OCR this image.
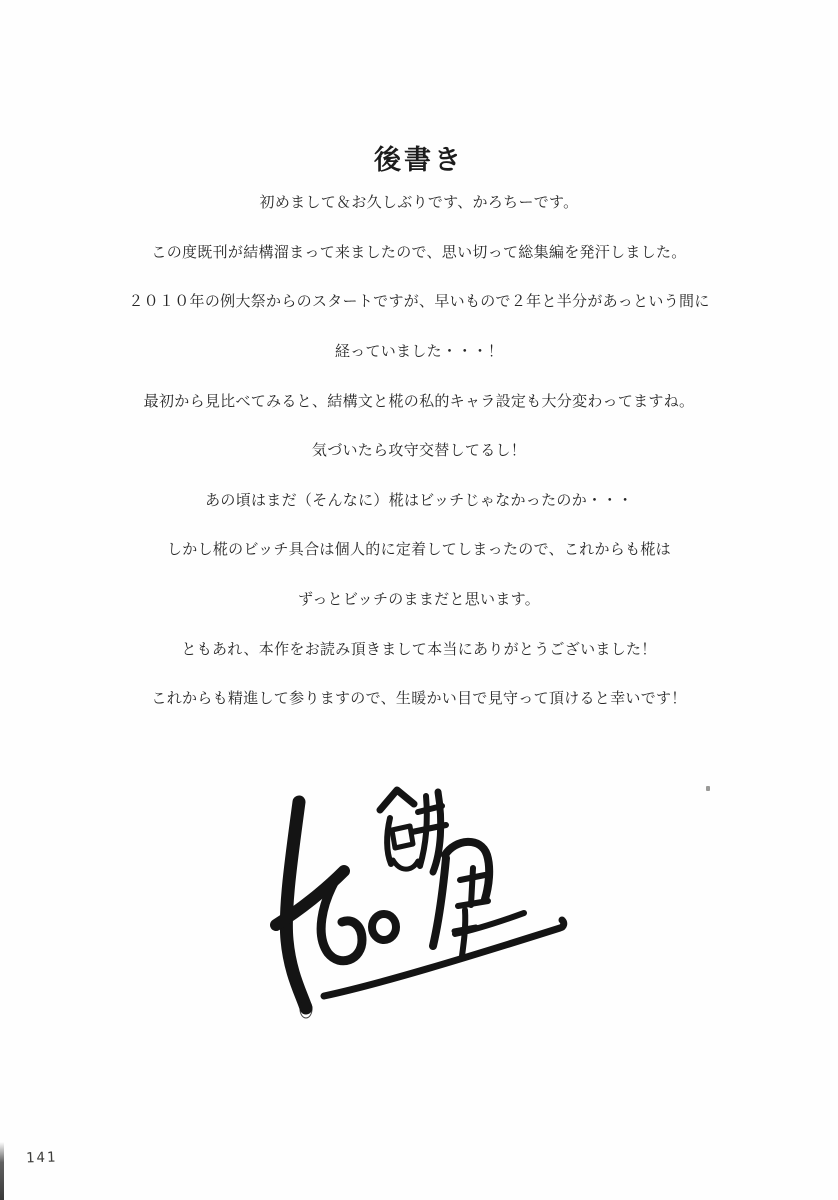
後書き

初めまして＆お久しぶりです、かろちーです。

この度既刊が結構溜まって来ましたので、思い切って総集編を発汗しました。

２０１０年の例大祭からのスタートですが、早いもので２年と半分があっという間に

経っていました・・・！

最初から見比べてみると、結構文と椛の私的キャラ設定も大分変わってますね。

気づいたら攻守交替してるし！

あの頃はまだ（そんなに）椛はビッチじゃなかったのか・・・

しかし椛のビッチ具合は個人的に定着してしまったので、これからも椛は

ずっとビッチのままだと思います。

ともあれ、本作をお読み頂きまして本当にありがとうございました！

これからも精進して参りますので、生暖かい目で見守って頂けると幸いです！

141
